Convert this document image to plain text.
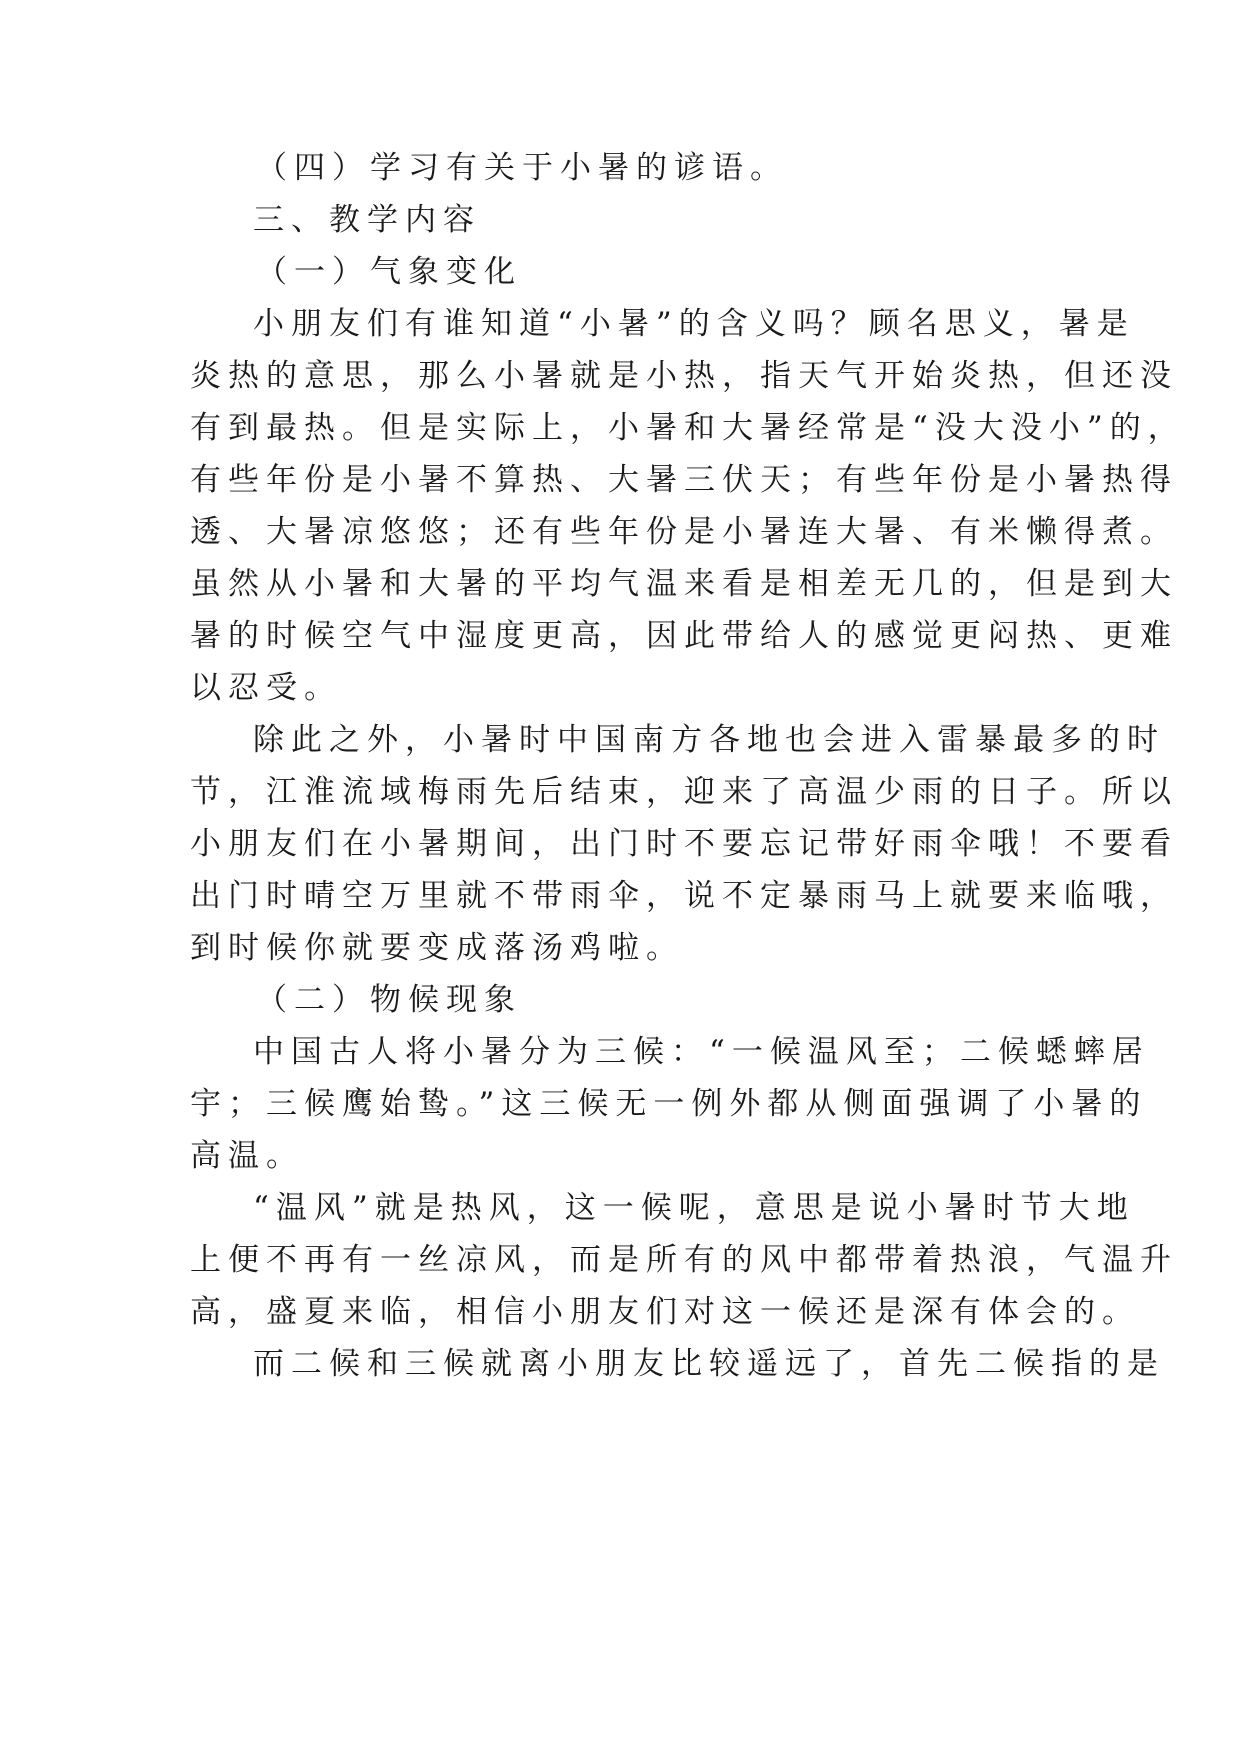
（四）学习有关于小暑的谚语。
三、教学内容
（一）气象变化
小朋友们有谁知道“小暑”的含义吗？顾名思义，暑是
炎热的意思，那么小暑就是小热，指天气开始炎热，但还没
有到最热。但是实际上，小暑和大暑经常是“没大没小”的，
有些年份是小暑不算热、大暑三伏天；有些年份是小暑热得
透、大暑凉悠悠；还有些年份是小暑连大暑、有米懒得煮。
虽然从小暑和大暑的平均气温来看是相差无几的，但是到大
暑的时候空气中湿度更高，因此带给人的感觉更闷热、更难
以忍受。
除此之外，小暑时中国南方各地也会进入雷暴最多的时
节，江淮流域梅雨先后结束，迎来了高温少雨的日子。所以
小朋友们在小暑期间，出门时不要忘记带好雨伞哦！不要看
出门时晴空万里就不带雨伞，说不定暴雨马上就要来临哦，
到时候你就要变成落汤鸡啦。
（二）物候现象
中国古人将小暑分为三候：“一候温风至；二候蟋蟀居
宇；三候鹰始鸷。”这三候无一例外都从侧面强调了小暑的
高温。
“温风”就是热风，这一候呢，意思是说小暑时节大地
上便不再有一丝凉风，而是所有的风中都带着热浪，气温升
高，盛夏来临，相信小朋友们对这一候还是深有体会的。
而二候和三候就离小朋友比较遥远了，首先二候指的是
